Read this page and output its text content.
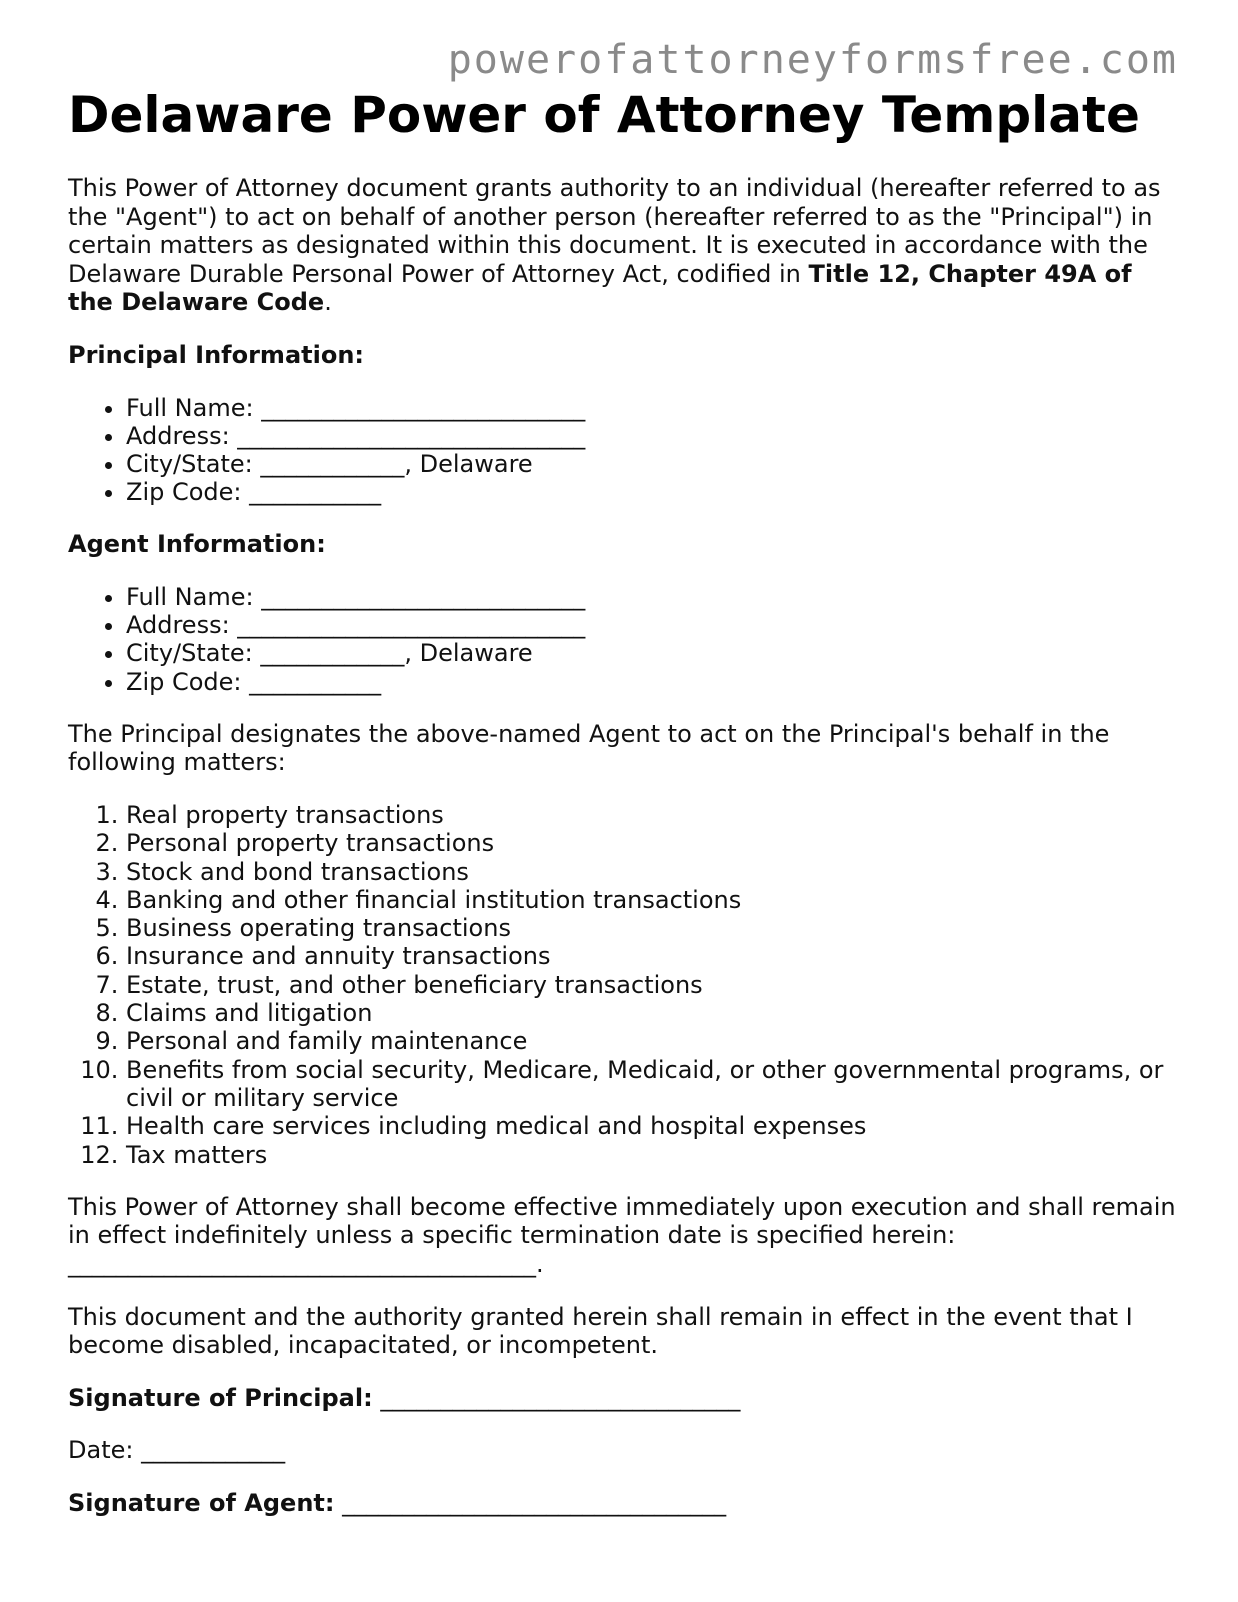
powerofattorneyformsfree.com
Delaware Power of Attorney Template

This Power of Attorney document grants authority to an individual (hereafter referred to as the "Agent") to act on behalf of another person (hereafter referred to as the "Principal") in certain matters as designated within this document. It is executed in accordance with the Delaware Durable Personal Power of Attorney Act, codified in Title 12, Chapter 49A of the Delaware Code.

Principal Information:
• Full Name: ___________________________
• Address: _____________________________
• City/State: ____________, Delaware
• Zip Code: ___________
Agent Information:
• Full Name: ___________________________
• Address: _____________________________
• City/State: ____________, Delaware
• Zip Code: ___________

The Principal designates the above-named Agent to act on the Principal's behalf in the following matters:

1. Real property transactions
2. Personal property transactions
3. Stock and bond transactions
4. Banking and other financial institution transactions
5. Business operating transactions
6. Insurance and annuity transactions
7. Estate, trust, and other beneficiary transactions
8. Claims and litigation
9. Personal and family maintenance
10. Benefits from social security, Medicare, Medicaid, or other governmental programs, or civil or military service
11. Health care services including medical and hospital expenses
12. Tax matters

This Power of Attorney shall become effective immediately upon execution and shall remain in effect indefinitely unless a specific termination date is specified herein: _______________________________________.

This document and the authority granted herein shall remain in effect in the event that I become disabled, incapacitated, or incompetent.

Signature of Principal: ______________________________
Date: ____________
Signature of Agent: ________________________________
